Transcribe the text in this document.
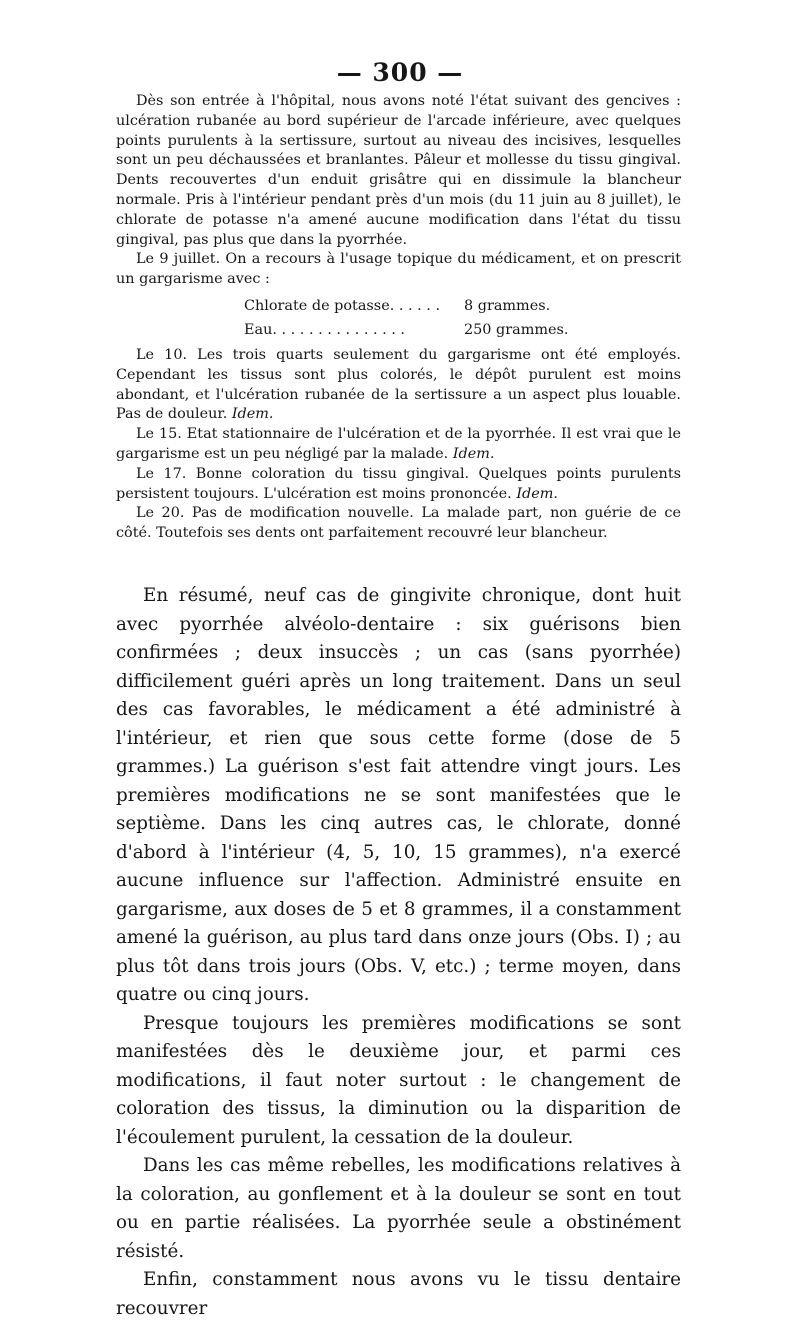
— 300 —

Dès son entrée à l'hôpital, nous avons noté l'état suivant des gencives : ulcération rubanée au bord supérieur de l'arcade inférieure, avec quelques points purulents à la sertissure, surtout au niveau des incisives, lesquelles sont un peu déchaussées et branlantes. Pâleur et mollesse du tissu gingival. Dents recouvertes d'un enduit grisâtre qui en dissimule la blancheur normale. Pris à l'intérieur pendant près d'un mois (du 11 juin au 8 juillet), le chlorate de potasse n'a amené aucune modification dans l'état du tissu gingival, pas plus que dans la pyorrhée.

Le 9 juillet. On a recours à l'usage topique du médicament, et on prescrit un gargarisme avec :

Chlorate de potasse. . . . . .	8 grammes.
Eau. . . . . . . . . . . . . . .	250 grammes.

Le 10. Les trois quarts seulement du gargarisme ont été employés. Cependant les tissus sont plus colorés, le dépôt purulent est moins abondant, et l'ulcération rubanée de la sertissure a un aspect plus louable. Pas de douleur. Idem.

Le 15. Etat stationnaire de l'ulcération et de la pyorrhée. Il est vrai que le gargarisme est un peu négligé par la malade. Idem.

Le 17. Bonne coloration du tissu gingival. Quelques points purulents persistent toujours. L'ulcération est moins prononcée. Idem.

Le 20. Pas de modification nouvelle. La malade part, non guérie de ce côté. Toutefois ses dents ont parfaitement recouvré leur blancheur.

En résumé, neuf cas de gingivite chronique, dont huit avec pyorrhée alvéolo-dentaire : six guérisons bien confirmées ; deux insuccès ; un cas (sans pyorrhée) difficilement guéri après un long traitement. Dans un seul des cas favorables, le médicament a été administré à l'intérieur, et rien que sous cette forme (dose de 5 grammes.) La guérison s'est fait attendre vingt jours. Les premières modifications ne se sont manifestées que le septième. Dans les cinq autres cas, le chlorate, donné d'abord à l'intérieur (4, 5, 10, 15 grammes), n'a exercé aucune influence sur l'affection. Administré ensuite en gargarisme, aux doses de 5 et 8 grammes, il a constamment amené la guérison, au plus tard dans onze jours (Obs. I) ; au plus tôt dans trois jours (Obs. V, etc.) ; terme moyen, dans quatre ou cinq jours.

Presque toujours les premières modifications se sont manifestées dès le deuxième jour, et parmi ces modifications, il faut noter surtout : le changement de coloration des tissus, la diminution ou la disparition de l'écoulement purulent, la cessation de la douleur.

Dans les cas même rebelles, les modifications relatives à la coloration, au gonflement et à la douleur se sont en tout ou en partie réalisées. La pyorrhée seule a obstinément résisté.

Enfin, constamment nous avons vu le tissu dentaire recouvrer
